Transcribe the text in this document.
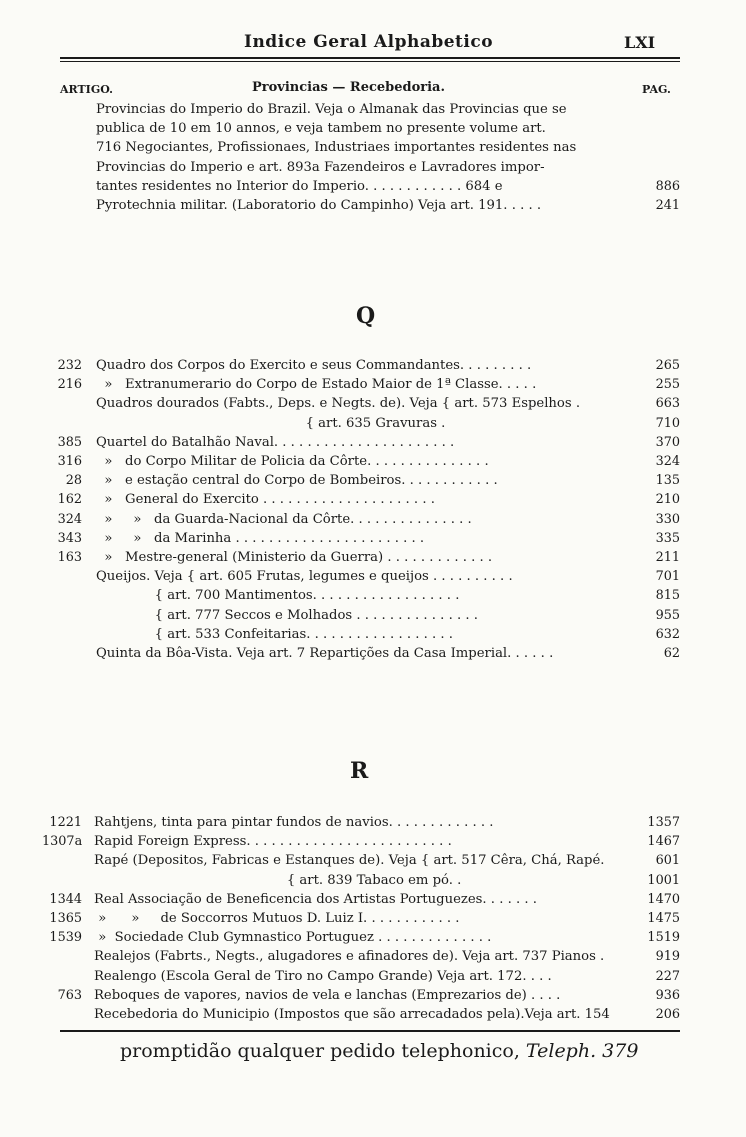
Indice Geral Alphabetico	LXI
ARTIGO.	Provincias — Recebedoria.	PAG.
Provincias do Imperio do Brazil. Veja o Almanak das Provincias que se
publica de 10 em 10 annos, e veja tambem no presente volume art.
716 Negociantes, Profissionaes, Industriaes importantes residentes nas
Provincias do Imperio e art. 893a Fazendeiros e Lavradores impor-
tantes residentes no Interior do Imperio. . . . . . . . . . . . 684 e	886
Pyrotechnia militar. (Laboratorio do Campinho) Veja art. 191. . . . .	241
Q
232 Quadro dos Corpos do Exercito e seus Commandantes. . . . . . . . .	265
216 »   Extranumerario do Corpo de Estado Maior de 1ª Classe. . . . .	255
Quadros dourados (Fabts., Deps. e Negts. de). Veja { art. 573 Espelhos .	663
{ art. 635 Gravuras .	710
385 Quartel do Batalhão Naval. . . . . . . . . . . . . . . . . . . . . .	370
316 »   do Corpo Militar de Policia da Côrte. . . . . . . . . . . . . . .	324
28 »   e estação central do Corpo de Bombeiros. . . . . . . . . . . .	135
162 »   General do Exercito . . . . . . . . . . . . . . . . . . . . .	210
324 »     »   da Guarda-Nacional da Côrte. . . . . . . . . . . . . . .	330
343 »     »   da Marinha . . . . . . . . . . . . . . . . . . . . . . .	335
163 »   Mestre-general (Ministerio da Guerra) . . . . . . . . . . . . .	211
Queijos. Veja { art. 605 Frutas, legumes e queijos . . . . . . . . . .	701
{ art. 700 Mantimentos. . . . . . . . . . . . . . . . . .	815
{ art. 777 Seccos e Molhados . . . . . . . . . . . . . . .	955
{ art. 533 Confeitarias. . . . . . . . . . . . . . . . . .	632
Quinta da Bôa-Vista. Veja art. 7 Repartições da Casa Imperial. . . . . .	62
R
1221 Rahtjens, tinta para pintar fundos de navios. . . . . . . . . . . . .	1357
1307a Rapid Foreign Express. . . . . . . . . . . . . . . . . . . . . . . . .	1467
Rapé (Depositos, Fabricas e Estanques de). Veja { art. 517 Cêra, Chá, Rapé.	601
{ art. 839 Tabaco em pó. .	1001
1344 Real Associação de Beneficencia dos Artistas Portuguezes. . . . . . .	1470
1365 »      »     de Soccorros Mutuos D. Luiz I. . . . . . . . . . . .	1475
1539 »  Sociedade Club Gymnastico Portuguez . . . . . . . . . . . . . .	1519
Realejos (Fabrts., Negts., alugadores e afinadores de). Veja art. 737 Pianos .	919
Realengo (Escola Geral de Tiro no Campo Grande) Veja art. 172. . . .	227
763 Reboques de vapores, navios de vela e lanchas (Emprezarios de) . . . .	936
Recebedoria do Municipio (Impostos que são arrecadados pela).Veja art. 154	206
promptidão qualquer pedido telephonico, Teleph. 379
